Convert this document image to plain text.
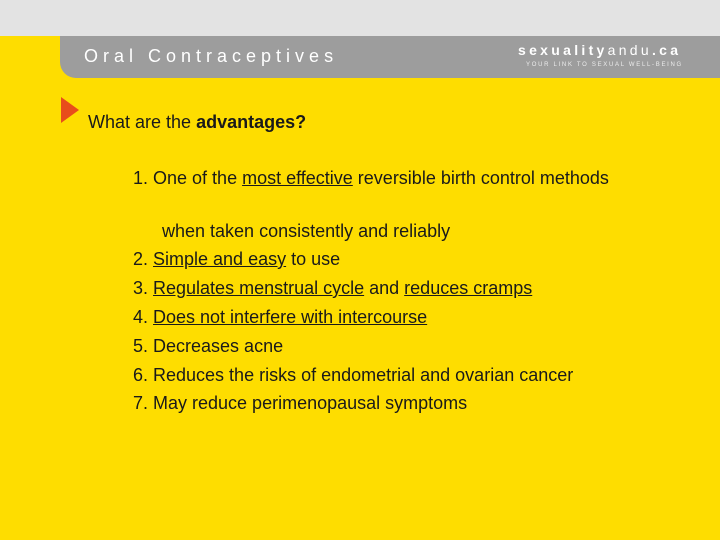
Oral Contraceptives	sexualityandu.ca
YOUR LINK TO SEXUAL WELL-BEING
What are the advantages?
1. One of the most effective reversible birth control methods
when taken consistently and reliably
2. Simple and easy to use
3. Regulates menstrual cycle and reduces cramps
4. Does not interfere with intercourse
5. Decreases acne
6. Reduces the risks of endometrial and ovarian cancer
7. May reduce perimenopausal symptoms
